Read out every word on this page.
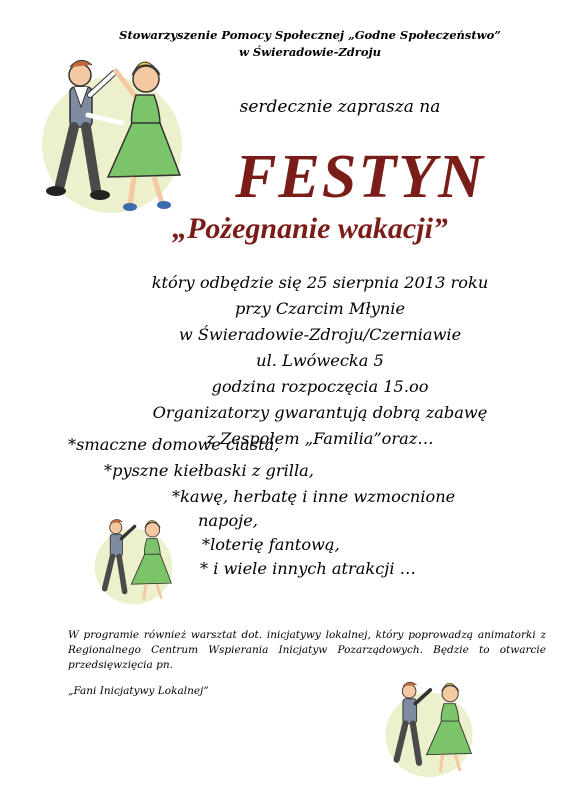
Stowarzyszenie Pomocy Społecznej „Godne Społeczeństwo”
w Świeradowie-Zdroju
serdecznie zaprasza na
FESTYN
„Pożegnanie wakacji”
który odbędzie się 25 sierpnia 2013 roku
przy Czarcim Młynie
w Świeradowie-Zdroju/Czerniawie
ul. Lwówecka 5
godzina rozpoczęcia 15.oo
Organizatorzy gwarantują dobrą zabawę
z Zespołem „Familia”oraz…
*smaczne domowe ciasta,
*pyszne kiełbaski z grilla,
*kawę, herbatę i inne wzmocnione
napoje,
*loterię fantową,
* i wiele innych atrakcji …
W programie również warsztat dot. inicjatywy lokalnej, który poprowadzą animatorki z Regionalnego Centrum Wspierania Inicjatyw Pozarządowych. Będzie to otwarcie przedsięwzięcia pn.
„Fani Inicjatywy Lokalnej”
